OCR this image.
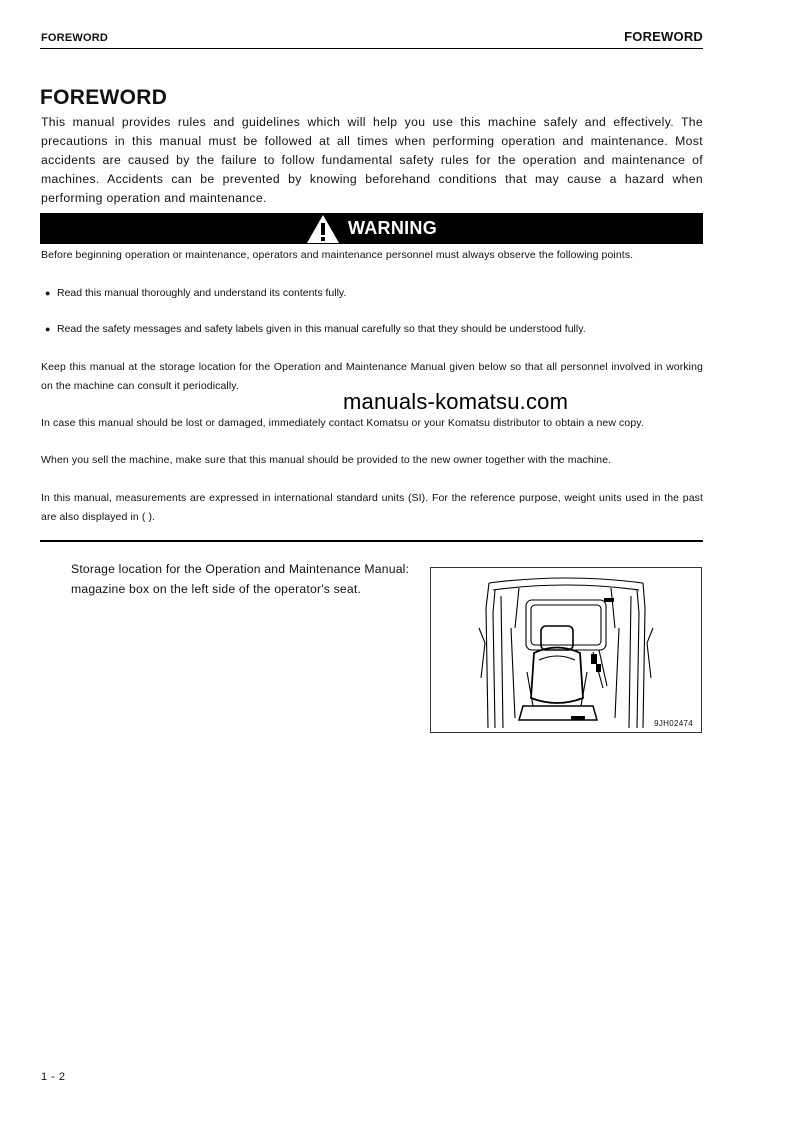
FOREWORD	FOREWORD
FOREWORD
This manual provides rules and guidelines which will help you use this machine safely and effectively. The precautions in this manual must be followed at all times when performing operation and maintenance. Most accidents are caused by the failure to follow fundamental safety rules for the operation and maintenance of machines. Accidents can be prevented by knowing beforehand conditions that may cause a hazard when performing operation and maintenance.
WARNING
Before beginning operation or maintenance, operators and maintenance personnel must always observe the following points.
● Read this manual thoroughly and understand its contents fully.
● Read the safety messages and safety labels given in this manual carefully so that they should be understood fully.
Keep this manual at the storage location for the Operation and Maintenance Manual given below so that all personnel involved in working on the machine can consult it periodically.
manuals-komatsu.com
In case this manual should be lost or damaged, immediately contact Komatsu or your Komatsu distributor to obtain a new copy.
When you sell the machine, make sure that this manual should be provided to the new owner together with the machine.
In this manual, measurements are expressed in international standard units (SI). For the reference purpose, weight units used in the past are also displayed in ( ).
Storage location for the Operation and Maintenance Manual: magazine box on the left side of the operator's seat.
9JH02474
1 - 2
